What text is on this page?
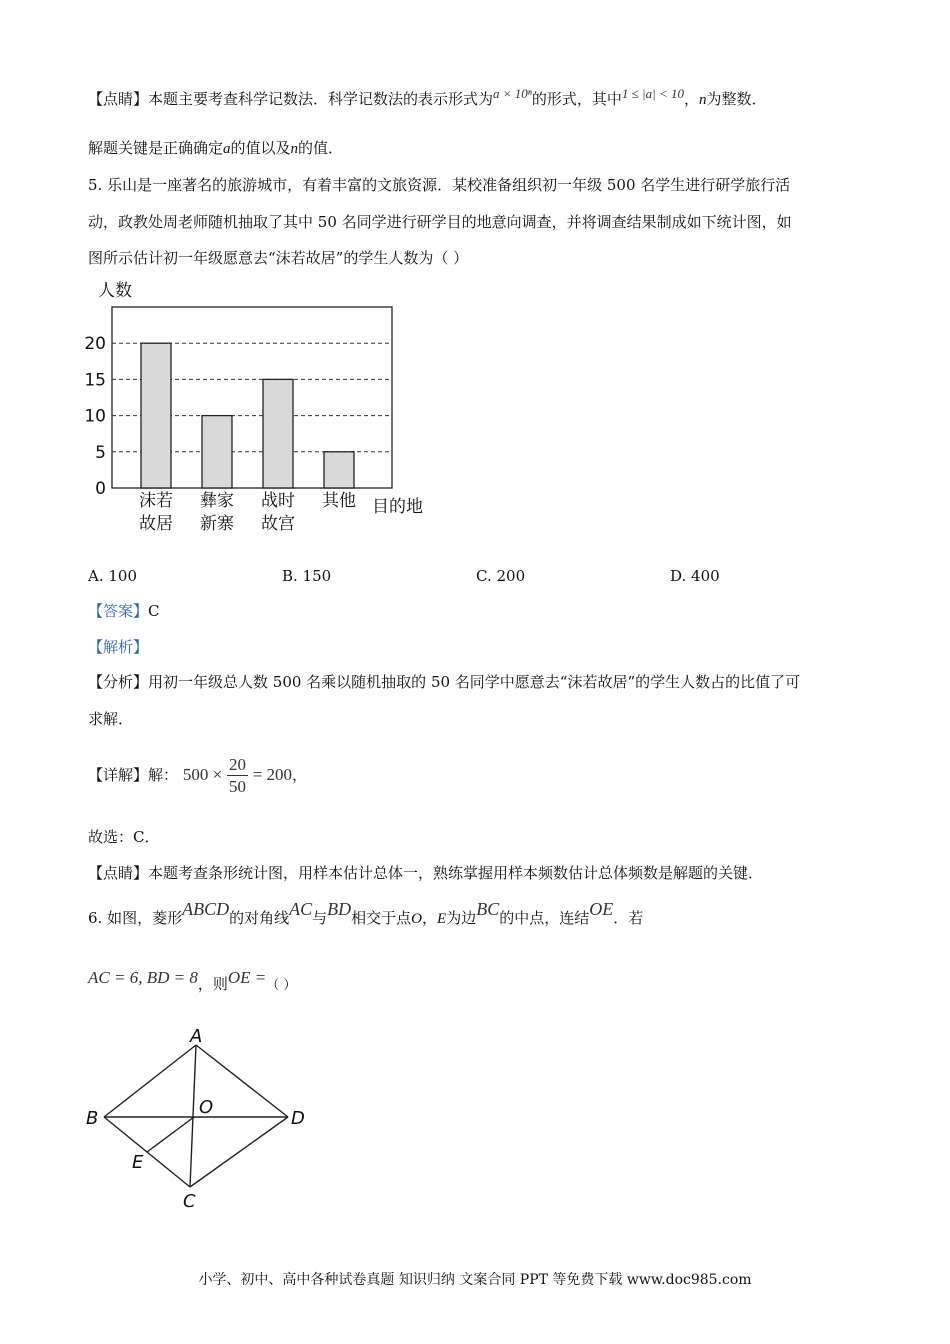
【点睛】本题主要考查科学记数法．科学记数法的表示形式为a × 10ⁿ的形式，其中1 ≤ |a| < 10，n为整数．
解题关键是正确确定a的值以及n的值．
5. 乐山是一座著名的旅游城市，有着丰富的文旅资源．某校准备组织初一年级 500 名学生进行研学旅行活
动，政教处周老师随机抽取了其中 50 名同学进行研学目的地意向调查，并将调查结果制成如下统计图，如
图所示估计初一年级愿意去“沫若故居”的学生人数为（ ）
人数
0
5
10
15
20
沫若
故居
彝家
新寨
战时
故宫
其他 目的地
A. 100	B. 150	C. 200	D. 400
【答案】C
【解析】
【分析】用初一年级总人数 500 名乘以随机抽取的 50 名同学中愿意去“沫若故居”的学生人数占的比值了可
求解．
【详解】解： $500 \times \frac{20}{50} = 200$，
故选：C．
【点睛】本题考查条形统计图，用样本估计总体一，熟练掌握用样本频数估计总体频数是解题的关键．
6. 如图，菱形ABCD的对角线AC与BD相交于点O，E为边BC的中点，连结OE．若
AC = 6, BD = 8，则OE =（ ）
A
B
O
D
E
C
小学、初中、高中各种试卷真题 知识归纳 文案合同 PPT 等免费下载 www.doc985.com
